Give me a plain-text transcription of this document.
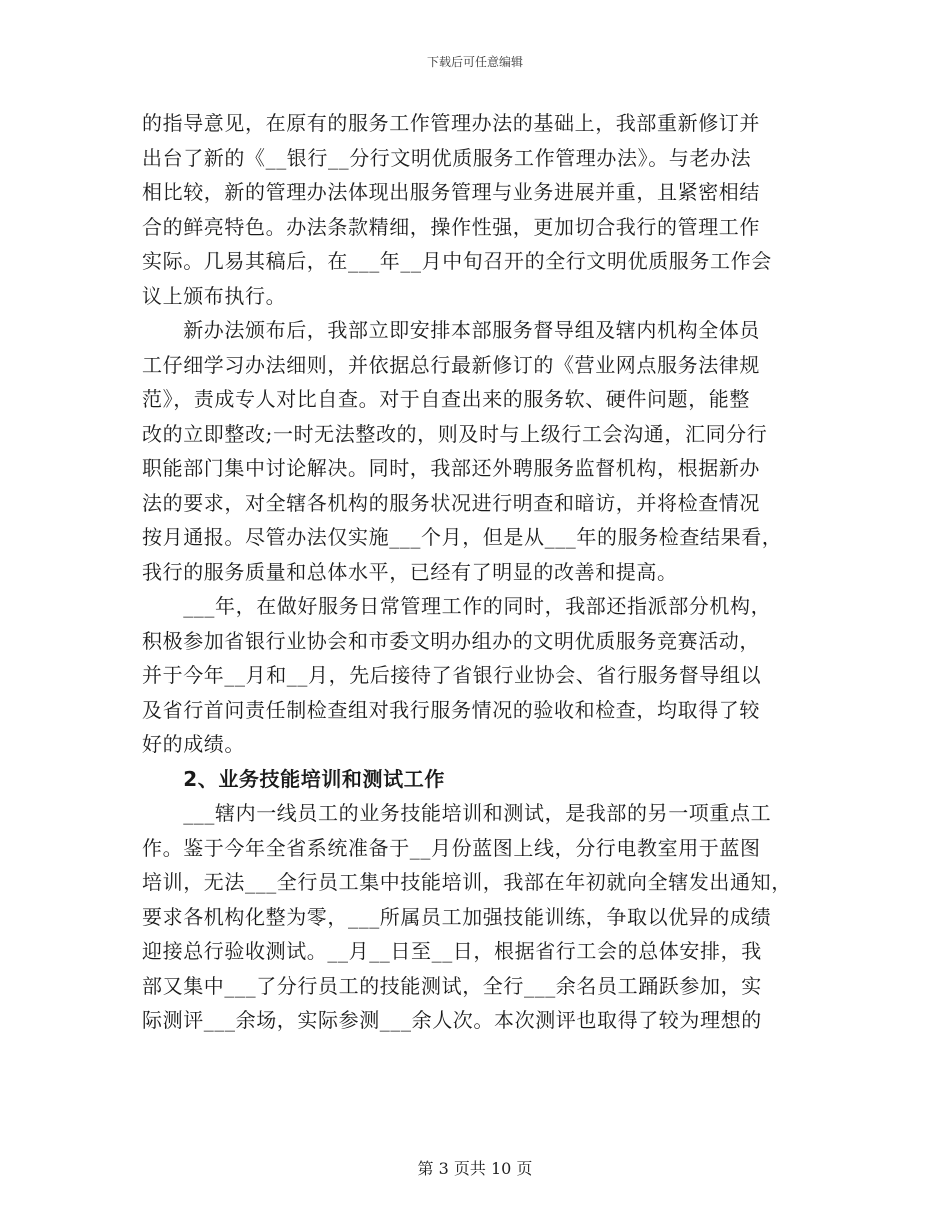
下载后可任意编辑
的指导意见，在原有的服务工作管理办法的基础上，我部重新修订并
出台了新的《__银行__分行文明优质服务工作管理办法》。与老办法
相比较，新的管理办法体现出服务管理与业务进展并重，且紧密相结
合的鲜亮特色。办法条款精细，操作性强，更加切合我行的管理工作
实际。几易其稿后，在___年__月中旬召开的全行文明优质服务工作会
议上颁布执行。
　　新办法颁布后，我部立即安排本部服务督导组及辖内机构全体员
工仔细学习办法细则，并依据总行最新修订的《营业网点服务法律规
范》，责成专人对比自查。对于自查出来的服务软、硬件问题，能整
改的立即整改;一时无法整改的，则及时与上级行工会沟通，汇同分行
职能部门集中讨论解决。同时，我部还外聘服务监督机构，根据新办
法的要求，对全辖各机构的服务状况进行明查和暗访，并将检查情况
按月通报。尽管办法仅实施___个月，但是从___年的服务检查结果看，
我行的服务质量和总体水平，已经有了明显的改善和提高。
　　___年，在做好服务日常管理工作的同时，我部还指派部分机构，
积极参加省银行业协会和市委文明办组办的文明优质服务竞赛活动，
并于今年__月和__月，先后接待了省银行业协会、省行服务督导组以
及省行首问责任制检查组对我行服务情况的验收和检查，均取得了较
好的成绩。
　　2、业务技能培训和测试工作
　　___辖内一线员工的业务技能培训和测试，是我部的另一项重点工
作。鉴于今年全省系统准备于__月份蓝图上线，分行电教室用于蓝图
培训，无法___全行员工集中技能培训，我部在年初就向全辖发出通知，
要求各机构化整为零，___所属员工加强技能训练，争取以优异的成绩
迎接总行验收测试。__月__日至__日，根据省行工会的总体安排，我
部又集中___了分行员工的技能测试，全行___余名员工踊跃参加，实
际测评___余场，实际参测___余人次。本次测评也取得了较为理想的
第 3 页共 10 页
